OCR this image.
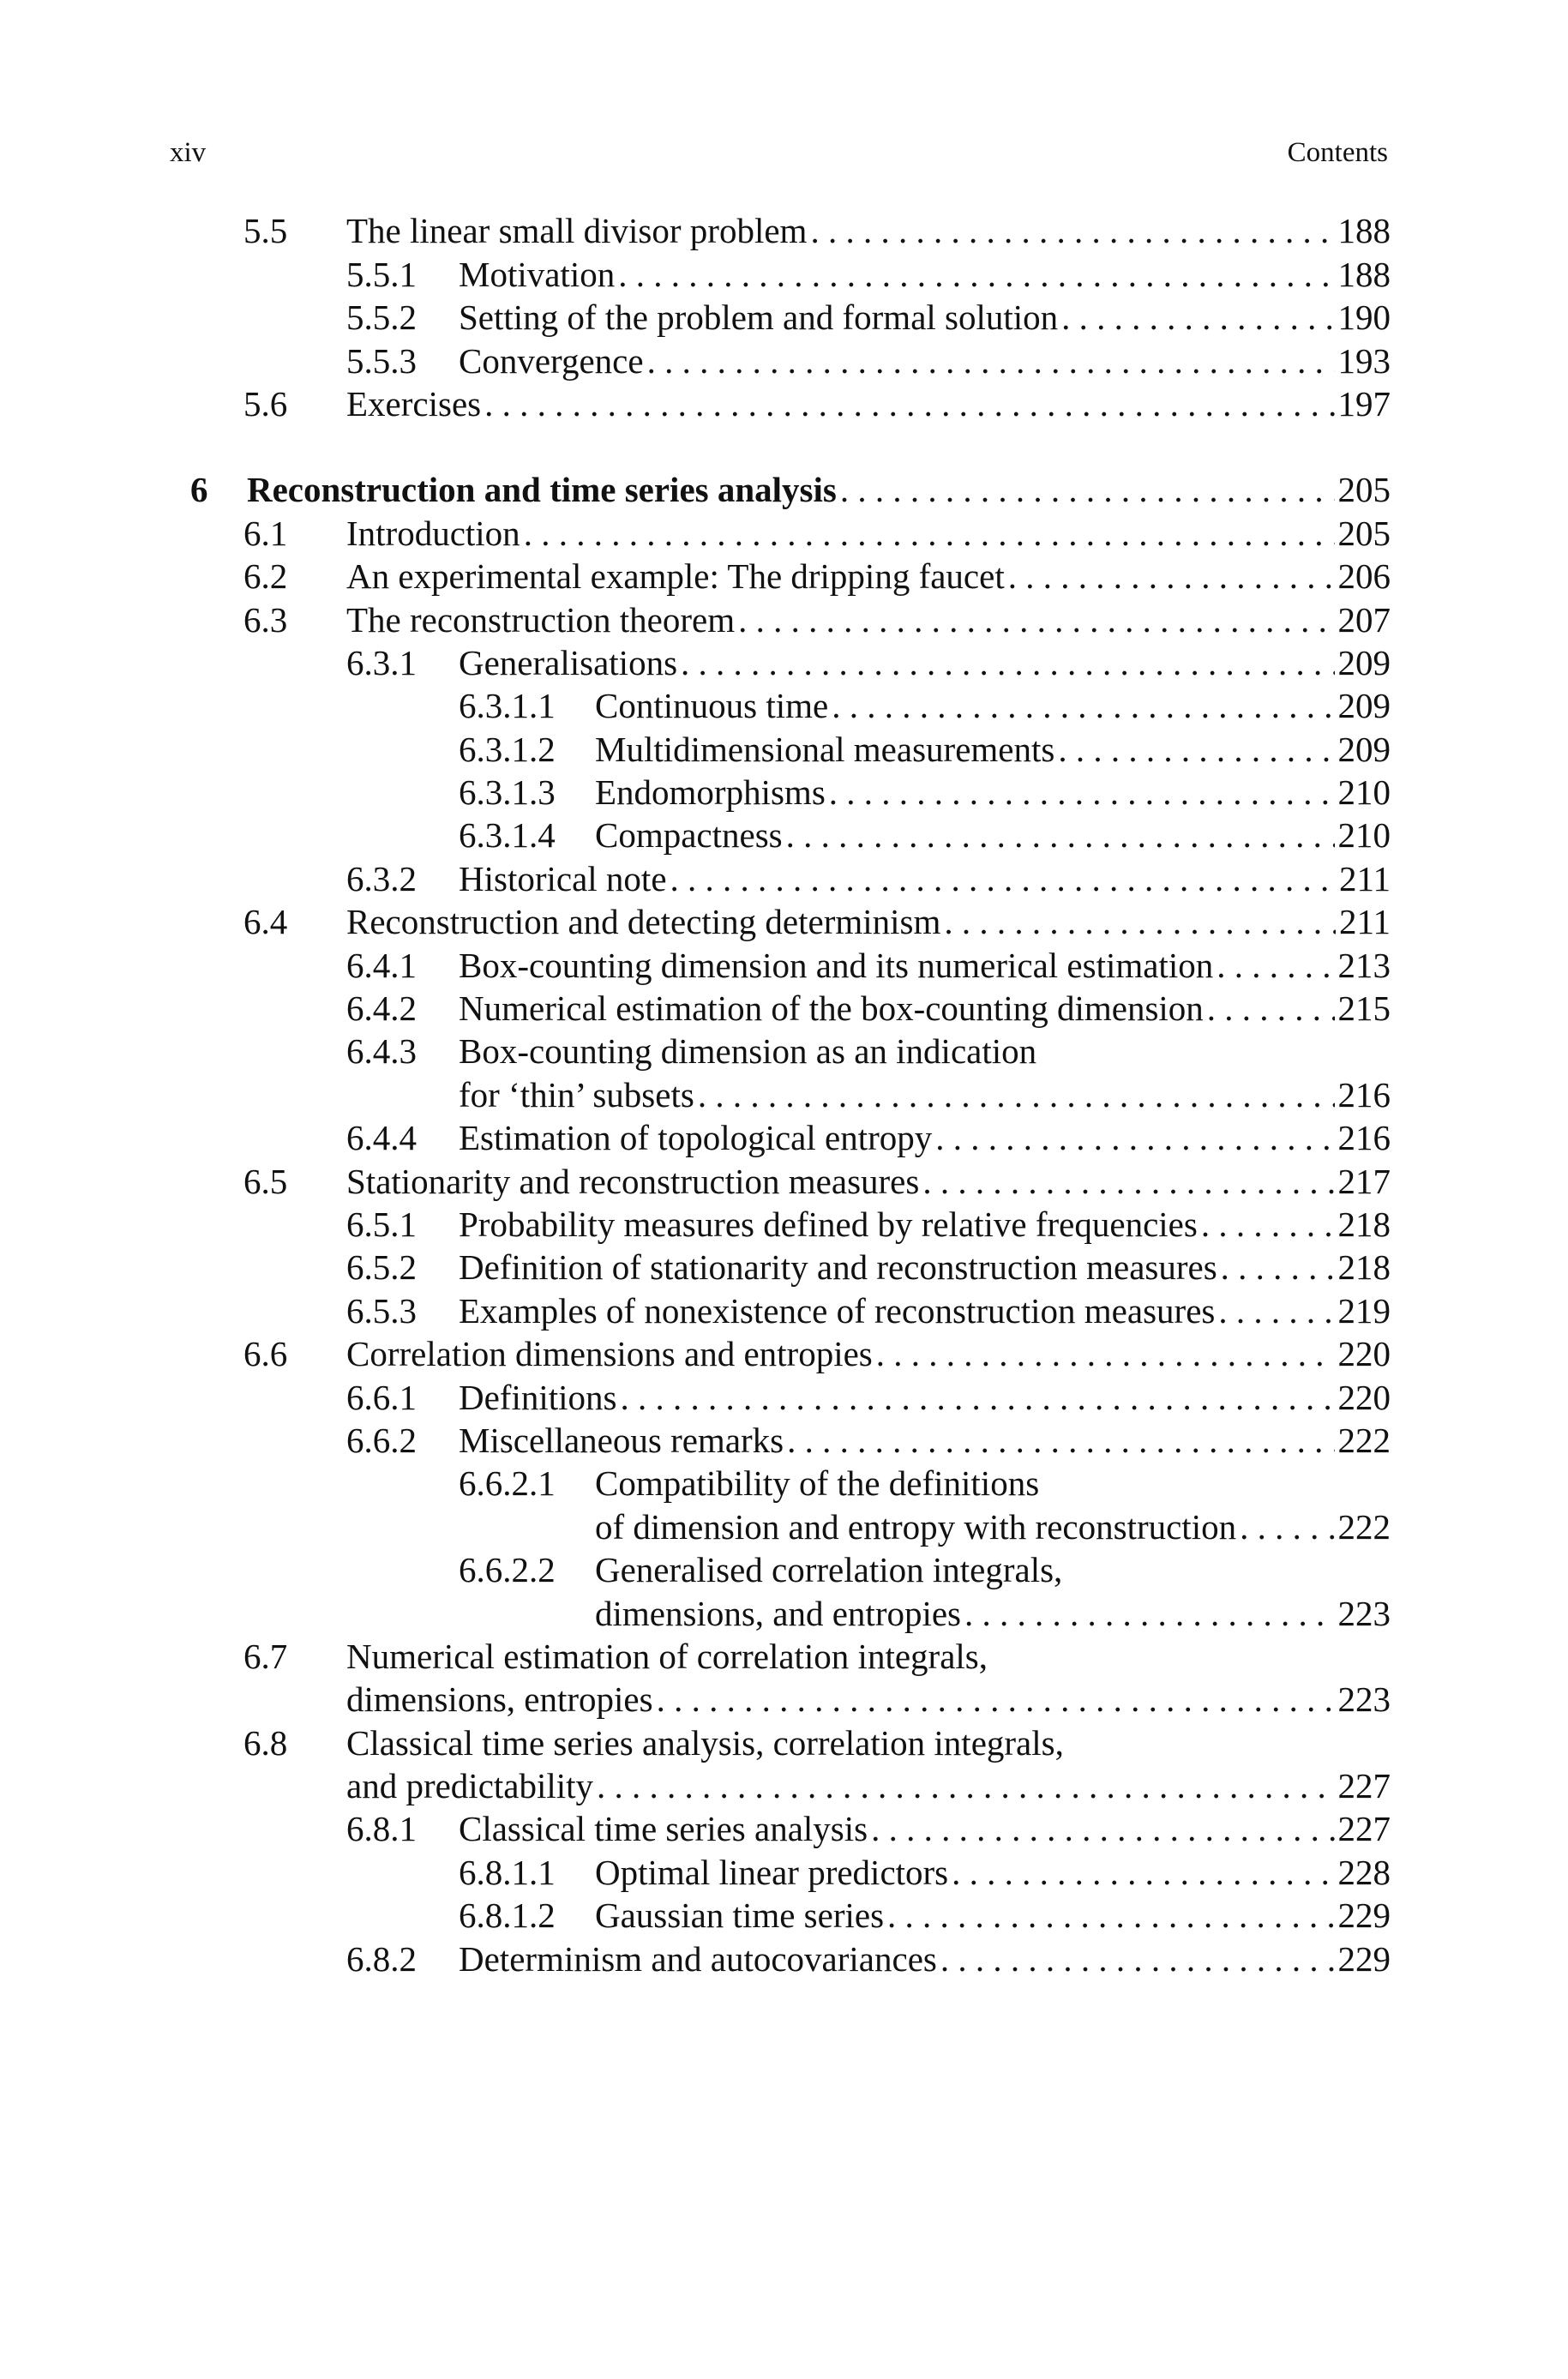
xiv	Contents
5.5 The linear small divisor problem . . .	188
5.5.1 Motivation . . .	188
5.5.2 Setting of the problem and formal solution . . .	190
5.5.3 Convergence . . .	193
5.6 Exercises . . .	197
6 Reconstruction and time series analysis . . .	205
6.1 Introduction . . .	205
6.2 An experimental example: The dripping faucet . . .	206
6.3 The reconstruction theorem . . .	207
6.3.1 Generalisations . . .	209
6.3.1.1 Continuous time . . .	209
6.3.1.2 Multidimensional measurements . . .	209
6.3.1.3 Endomorphisms . . .	210
6.3.1.4 Compactness . . .	210
6.3.2 Historical note . . .	211
6.4 Reconstruction and detecting determinism . . .	211
6.4.1 Box-counting dimension and its numerical estimation . . .	213
6.4.2 Numerical estimation of the box-counting dimension . . .	215
6.4.3 Box-counting dimension as an indication
for ‘thin’ subsets . . .	216
6.4.4 Estimation of topological entropy . . .	216
6.5 Stationarity and reconstruction measures . . .	217
6.5.1 Probability measures defined by relative frequencies . . .	218
6.5.2 Definition of stationarity and reconstruction measures . . .	218
6.5.3 Examples of nonexistence of reconstruction measures . . .	219
6.6 Correlation dimensions and entropies . . .	220
6.6.1 Definitions . . .	220
6.6.2 Miscellaneous remarks . . .	222
6.6.2.1 Compatibility of the definitions
of dimension and entropy with reconstruction . . .	222
6.6.2.2 Generalised correlation integrals,
dimensions, and entropies . . .	223
6.7 Numerical estimation of correlation integrals,
dimensions, entropies . . .	223
6.8 Classical time series analysis, correlation integrals,
and predictability . . .	227
6.8.1 Classical time series analysis . . .	227
6.8.1.1 Optimal linear predictors . . .	228
6.8.1.2 Gaussian time series . . .	229
6.8.2 Determinism and autocovariances . . .	229
